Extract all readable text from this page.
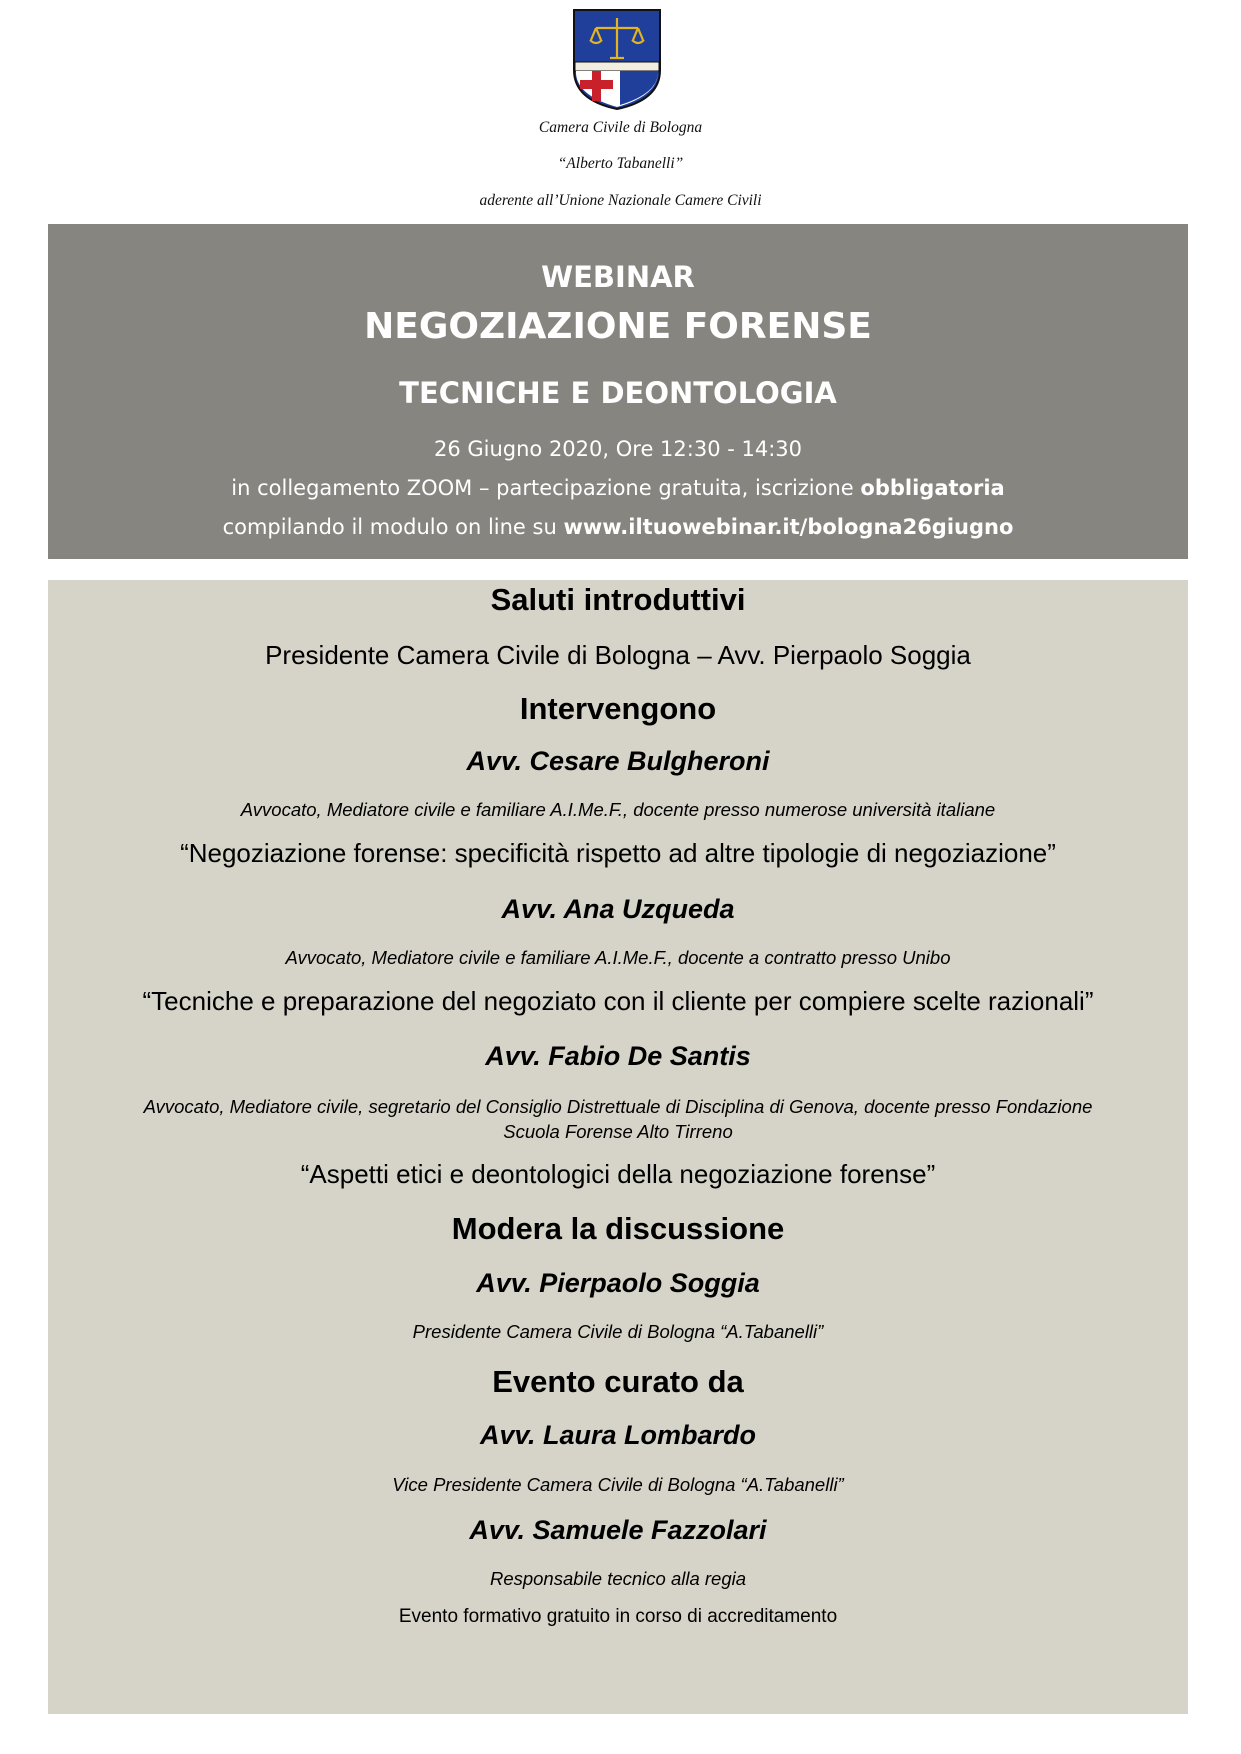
Camera Civile di Bologna
“Alberto Tabanelli”
aderente all’Unione Nazionale Camere Civili
WEBINAR
NEGOZIAZIONE FORENSE
TECNICHE E DEONTOLOGIA
26 Giugno 2020, Ore 12:30 - 14:30
in collegamento ZOOM – partecipazione gratuita, iscrizione obbligatoria
compilando il modulo on line su www.iltuowebinar.it/bologna26giugno
Saluti introduttivi
Presidente Camera Civile di Bologna – Avv. Pierpaolo Soggia
Intervengono
Avv. Cesare Bulgheroni
Avvocato, Mediatore civile e familiare A.I.Me.F., docente presso numerose università italiane
“Negoziazione forense: specificità rispetto ad altre tipologie di negoziazione”
Avv. Ana Uzqueda
Avvocato, Mediatore civile e familiare A.I.Me.F., docente a contratto presso Unibo
“Tecniche e preparazione del negoziato con il cliente per compiere scelte razionali”
Avv. Fabio De Santis
Avvocato, Mediatore civile, segretario del Consiglio Distrettuale di Disciplina di Genova, docente presso Fondazione
Scuola Forense Alto Tirreno
“Aspetti etici e deontologici della negoziazione forense”
Modera la discussione
Avv. Pierpaolo Soggia
Presidente Camera Civile di Bologna “A.Tabanelli”
Evento curato da
Avv. Laura Lombardo
Vice Presidente Camera Civile di Bologna “A.Tabanelli”
Avv. Samuele Fazzolari
Responsabile tecnico alla regia
Evento formativo gratuito in corso di accreditamento
